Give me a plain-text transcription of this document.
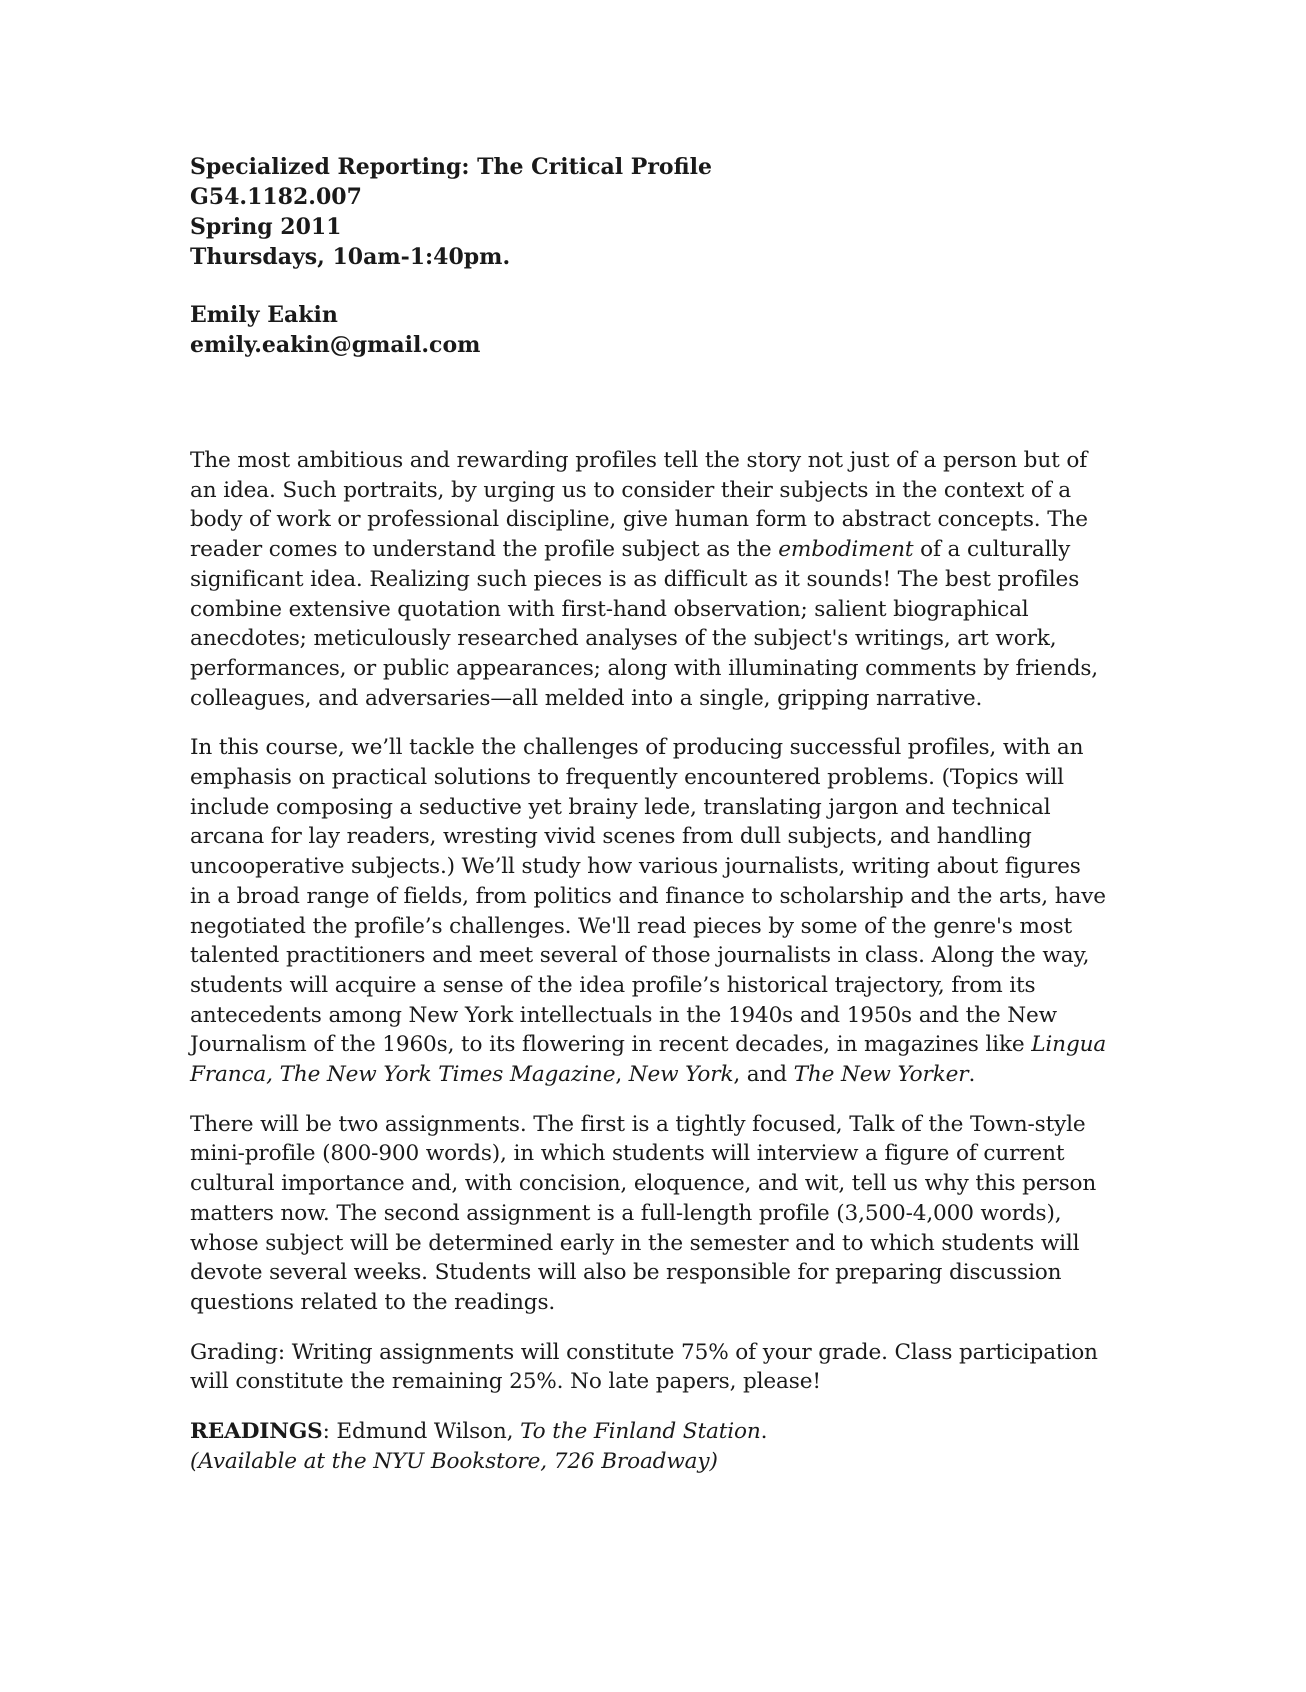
Specialized Reporting: The Critical Profile
G54.1182.007
Spring 2011
Thursdays, 10am-1:40pm.
Emily Eakin
emily.eakin@gmail.com

The most ambitious and rewarding profiles tell the story not just of a person but of
an idea. Such portraits, by urging us to consider their subjects in the context of a
body of work or professional discipline, give human form to abstract concepts. The
reader comes to understand the profile subject as the embodiment of a culturally
significant idea. Realizing such pieces is as difficult as it sounds! The best profiles
combine extensive quotation with first-hand observation; salient biographical
anecdotes; meticulously researched analyses of the subject's writings, art work,
performances, or public appearances; along with illuminating comments by friends,
colleagues, and adversaries—all melded into a single, gripping narrative.

In this course, we’ll tackle the challenges of producing successful profiles, with an
emphasis on practical solutions to frequently encountered problems. (Topics will
include composing a seductive yet brainy lede, translating jargon and technical
arcana for lay readers, wresting vivid scenes from dull subjects, and handling
uncooperative subjects.) We’ll study how various journalists, writing about figures
in a broad range of fields, from politics and finance to scholarship and the arts, have
negotiated the profile’s challenges. We'll read pieces by some of the genre's most
talented practitioners and meet several of those journalists in class. Along the way,
students will acquire a sense of the idea profile’s historical trajectory, from its
antecedents among New York intellectuals in the 1940s and 1950s and the New
Journalism of the 1960s, to its flowering in recent decades, in magazines like Lingua
Franca, The New York Times Magazine, New York, and The New Yorker.

There will be two assignments. The first is a tightly focused, Talk of the Town-style
mini-profile (800-900 words), in which students will interview a figure of current
cultural importance and, with concision, eloquence, and wit, tell us why this person
matters now. The second assignment is a full-length profile (3,500-4,000 words),
whose subject will be determined early in the semester and to which students will
devote several weeks. Students will also be responsible for preparing discussion
questions related to the readings.

Grading: Writing assignments will constitute 75% of your grade. Class participation
will constitute the remaining 25%. No late papers, please!

READINGS: Edmund Wilson, To the Finland Station.
(Available at the NYU Bookstore, 726 Broadway)
